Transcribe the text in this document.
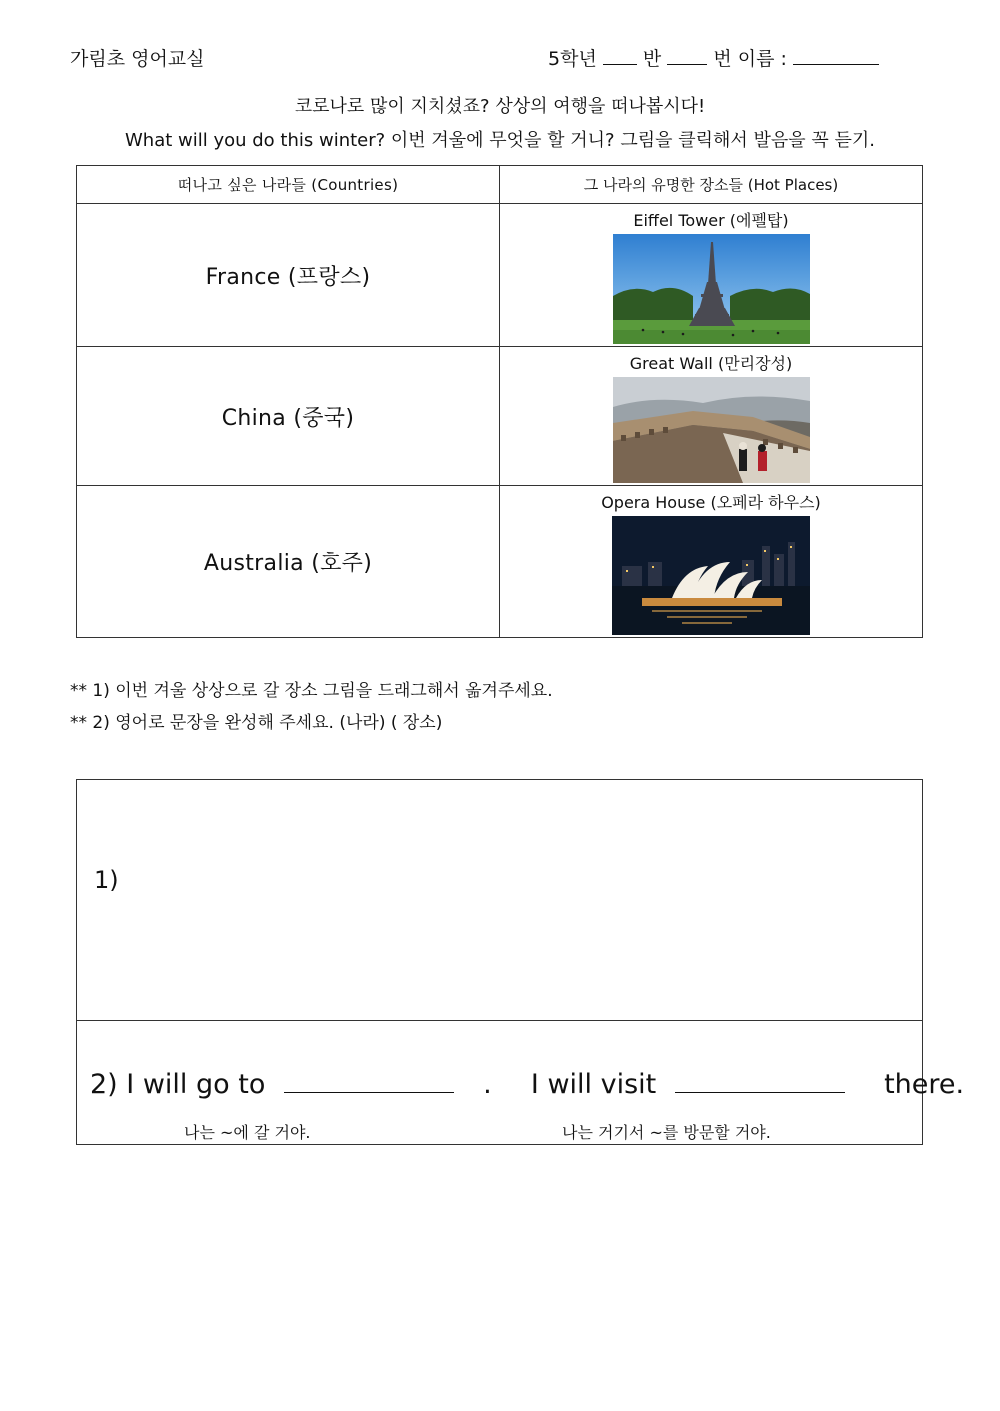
가림초 영어교실	5학년 반	번 이름 :
코로나로 많이 지치셨죠? 상상의 여행을 떠나봅시다!
What will you do this winter? 이번 겨울에 무엇을 할 거니? 그림을 클릭해서 발음을 꼭 듣기.
떠나고 싶은 나라들 (Countries)	그 나라의 유명한 장소들 (Hot Places)
France (프랑스)	Eiffel Tower (에펠탑)

China (중국)	Great Wall (만리장성)

Australia (호주)	Opera House (오페라 하우스)
** 1) 이번 겨울 상상으로 갈 장소 그림을 드래그해서 옮겨주세요.
** 2) 영어로 문장을 완성해 주세요. (나라) ( 장소)
1)
2) I will go to	. I will visit	there.
나는 ~에 갈 거야.	나는 거기서 ~를 방문할 거야.
